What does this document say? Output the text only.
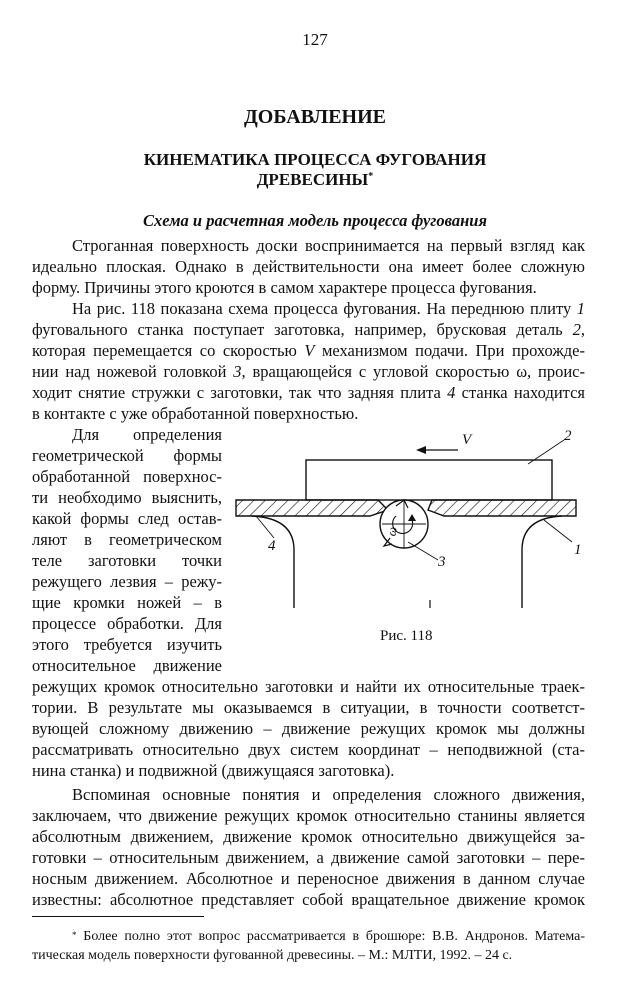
127
ДОБАВЛЕНИЕ
КИНЕМАТИКА ПРОЦЕССА ФУГОВАНИЯ
ДРЕВЕСИНЫ*
Схема и расчетная модель процесса фугования
Строганная поверхность доски воспринимается на первый взгляд как
идеально плоская. Однако в действительности она имеет более сложную
форму. Причины этого кроются в самом характере процесса фугования.
На рис. 118 показана схема процесса фугования. На переднюю плиту 1
фуговального станка поступает заготовка, например, брусковая деталь 2,
которая перемещается со скоростью V механизмом подачи. При прохожде-
нии над ножевой головкой 3, вращающейся с угловой скоростью ω, проис-
ходит снятие стружки с заготовки, так что задняя плита 4 станка находится
в контакте с уже обработанной поверхностью.
Для определения
геометрической формы
обработанной поверхнос-
ти необходимо выяснить,
какой формы след остав-
ляют в геометрическом
теле заготовки точки
режущего лезвия – режу-
щие кромки ножей – в
процессе обработки. Для
этого требуется изучить
относительное движение
V	2
1
3
4
ω
Рис. 118
режущих кромок относительно заготовки и найти их относительные траек-
тории. В результате мы оказываемся в ситуации, в точности соответст-
вующей сложному движению – движение режущих кромок мы должны
рассматривать относительно двух систем координат – неподвижной (ста-
нина станка) и подвижной (движущаяся заготовка).
Вспоминая основные понятия и определения сложного движения,
заключаем, что движение режущих кромок относительно станины является
абсолютным движением, движение кромок относительно движущейся за-
готовки – относительным движением, а движение самой заготовки – пере-
носным движением. Абсолютное и переносное движения в данном случае
известны: абсолютное представляет собой вращательное движение кромок
* Более полно этот вопрос рассматривается в брошюре: В.В. Андронов. Матема-
тическая модель поверхности фугованной древесины. – М.: МЛТИ, 1992. – 24 с.
